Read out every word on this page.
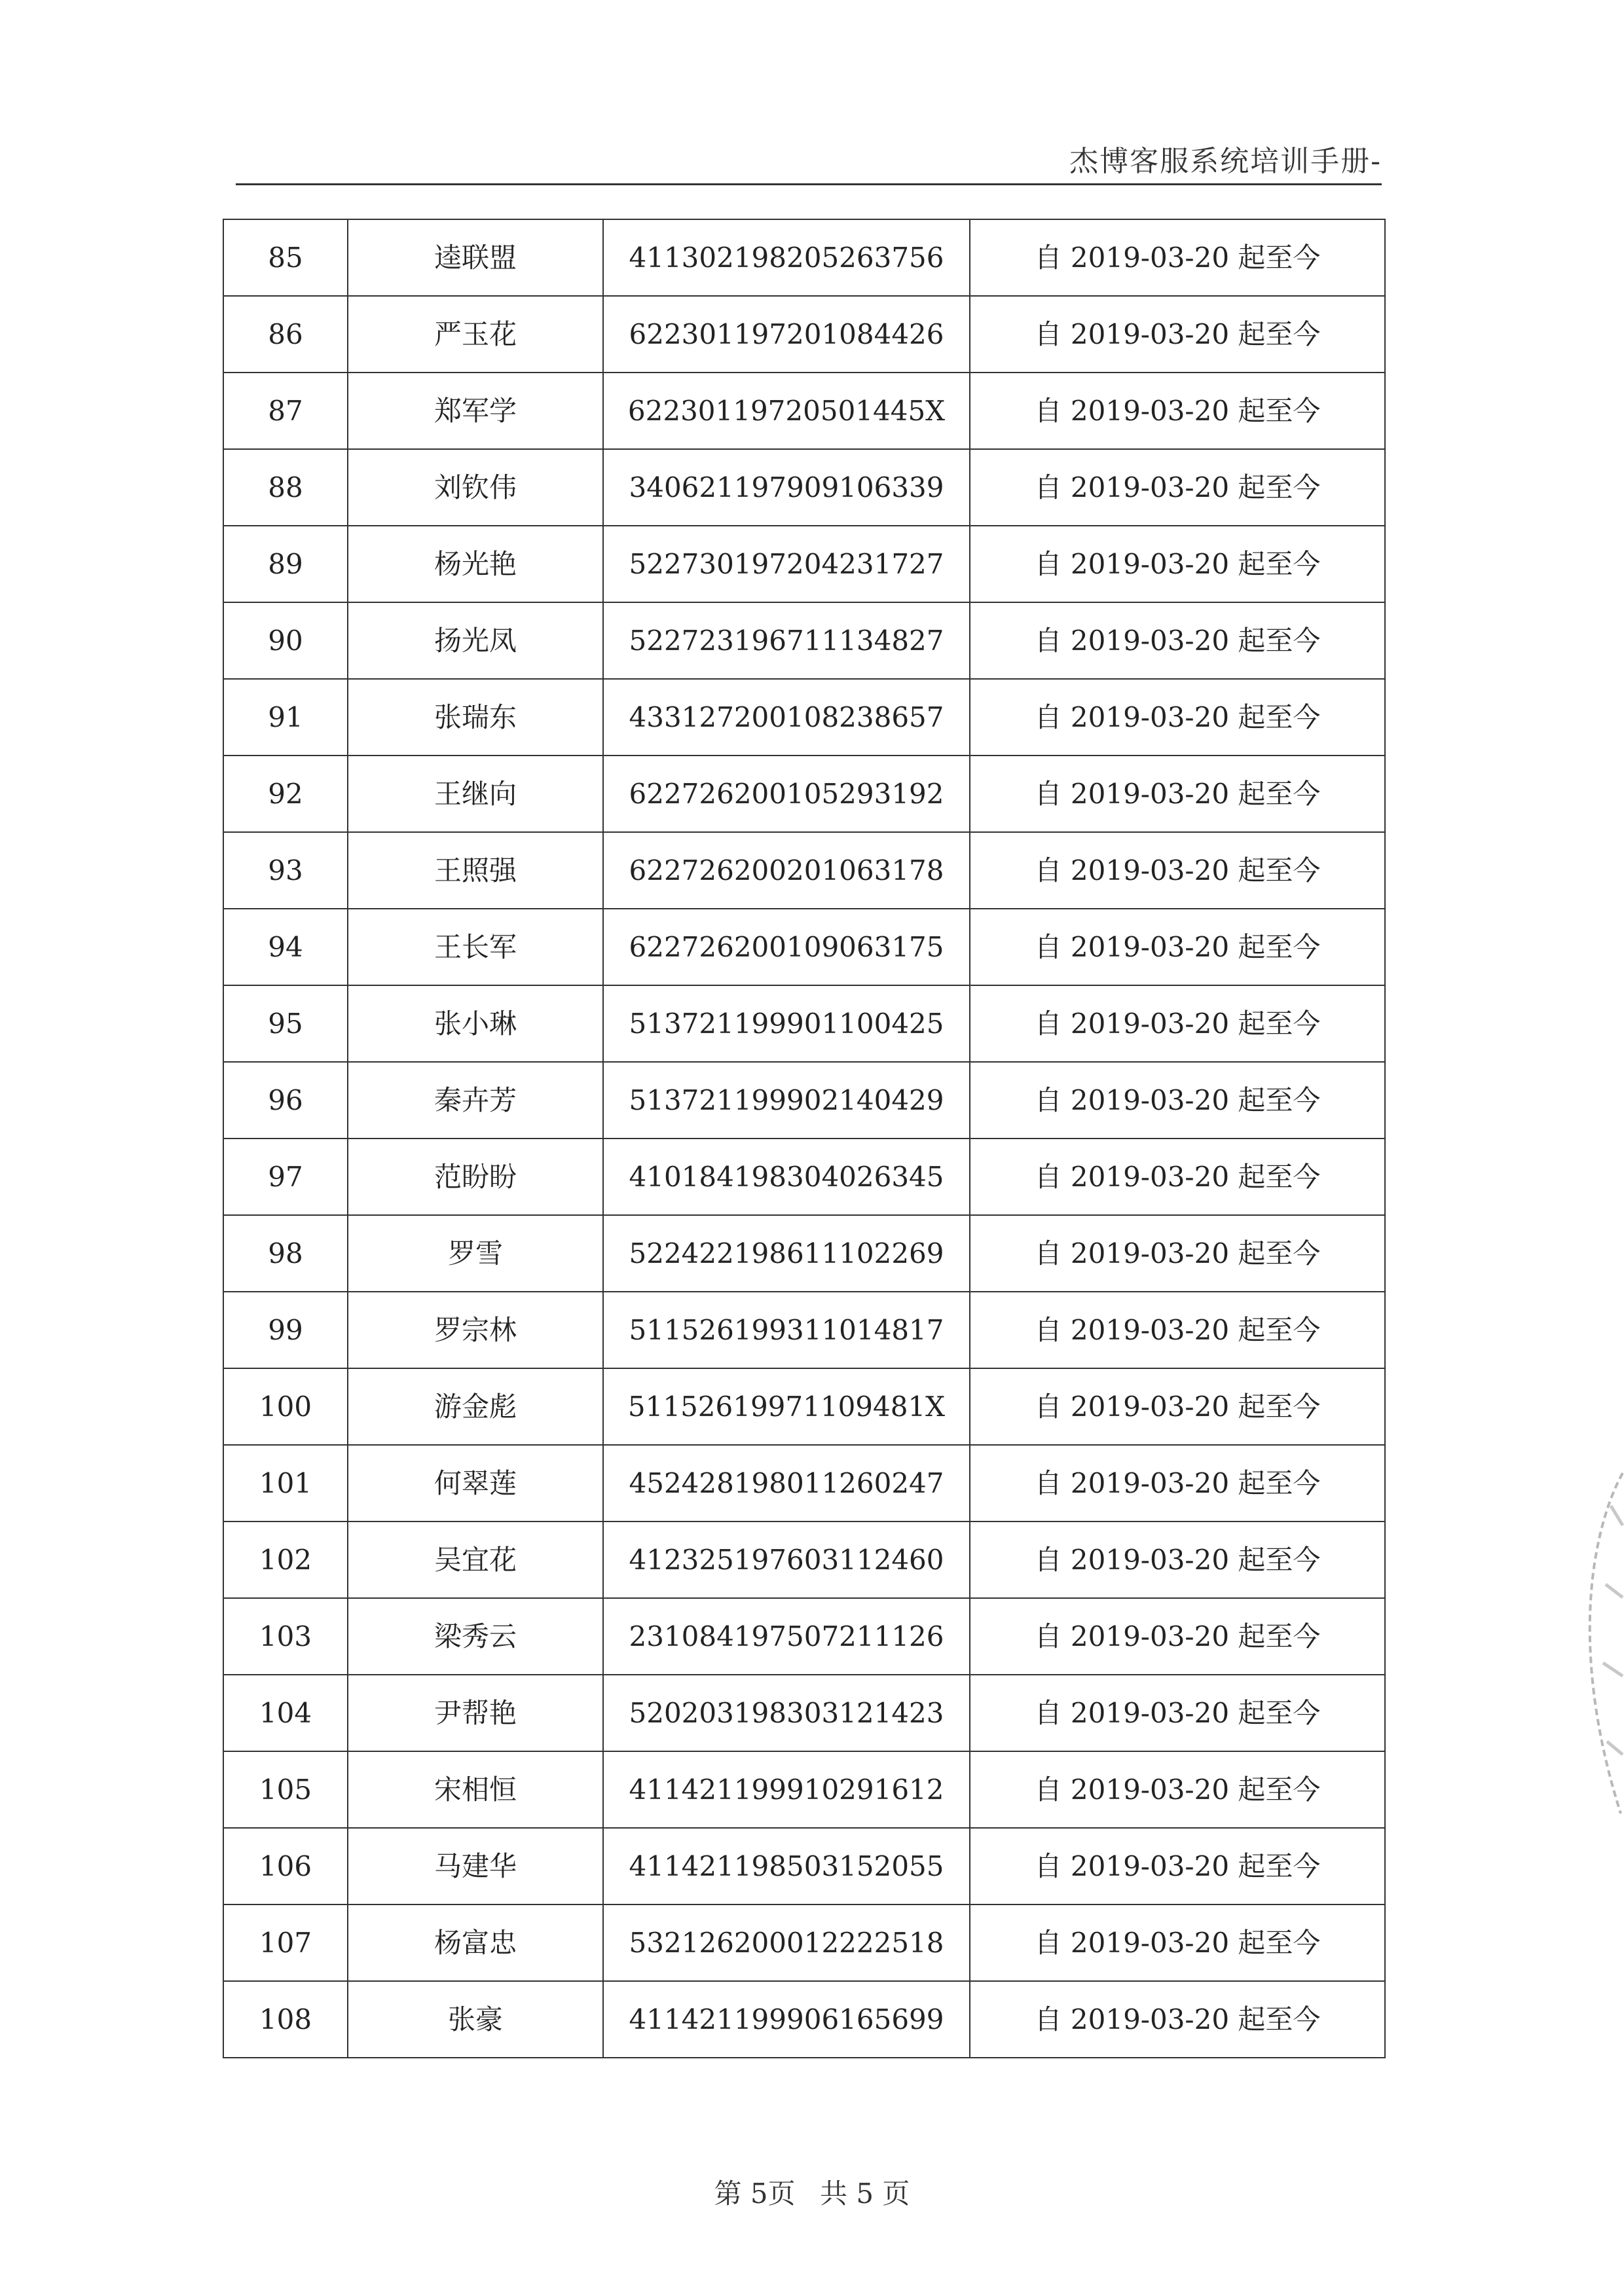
杰博客服系统培训手册-
85	逵联盟	411302198205263756	自 2019-03-20 起至今
86	严玉花	622301197201084426	自 2019-03-20 起至今
87	郑军学	62230119720501445X	自 2019-03-20 起至今
88	刘钦伟	340621197909106339	自 2019-03-20 起至今
89	杨光艳	522730197204231727	自 2019-03-20 起至今
90	扬光凤	522723196711134827	自 2019-03-20 起至今
91	张瑞东	433127200108238657	自 2019-03-20 起至今
92	王继向	622726200105293192	自 2019-03-20 起至今
93	王照强	622726200201063178	自 2019-03-20 起至今
94	王长军	622726200109063175	自 2019-03-20 起至今
95	张小琳	513721199901100425	自 2019-03-20 起至今
96	秦卉芳	513721199902140429	自 2019-03-20 起至今
97	范盼盼	410184198304026345	自 2019-03-20 起至今
98	罗雪	522422198611102269	自 2019-03-20 起至今
99	罗宗林	511526199311014817	自 2019-03-20 起至今
100	游金彪	51152619971109481X	自 2019-03-20 起至今
101	何翠莲	452428198011260247	自 2019-03-20 起至今
102	吴宜花	412325197603112460	自 2019-03-20 起至今
103	梁秀云	231084197507211126	自 2019-03-20 起至今
104	尹帮艳	520203198303121423	自 2019-03-20 起至今
105	宋相恒	411421199910291612	自 2019-03-20 起至今
106	马建华	411421198503152055	自 2019-03-20 起至今
107	杨富忠	532126200012222518	自 2019-03-20 起至今
108	张豪	411421199906165699	自 2019-03-20 起至今
第 5页 共 5 页
